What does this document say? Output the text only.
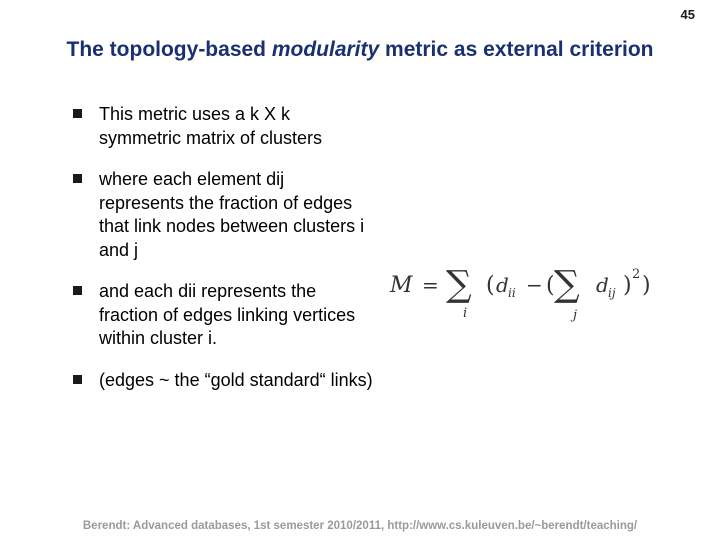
45
The topology-based modularity metric as external criterion
This metric uses a k X k symmetric matrix of clusters
where each element dij represents the fraction of edges that link nodes between clusters i and j
and each dii represents the fraction of edges linking vertices within cluster i.
(edges ~ the “gold standard“ links)
M = ∑
i
( d ii − ( ∑
j
d ij ) 2 )
Berendt: Advanced databases, 1st semester 2010/2011, http://www.cs.kuleuven.be/~berendt/teaching/
